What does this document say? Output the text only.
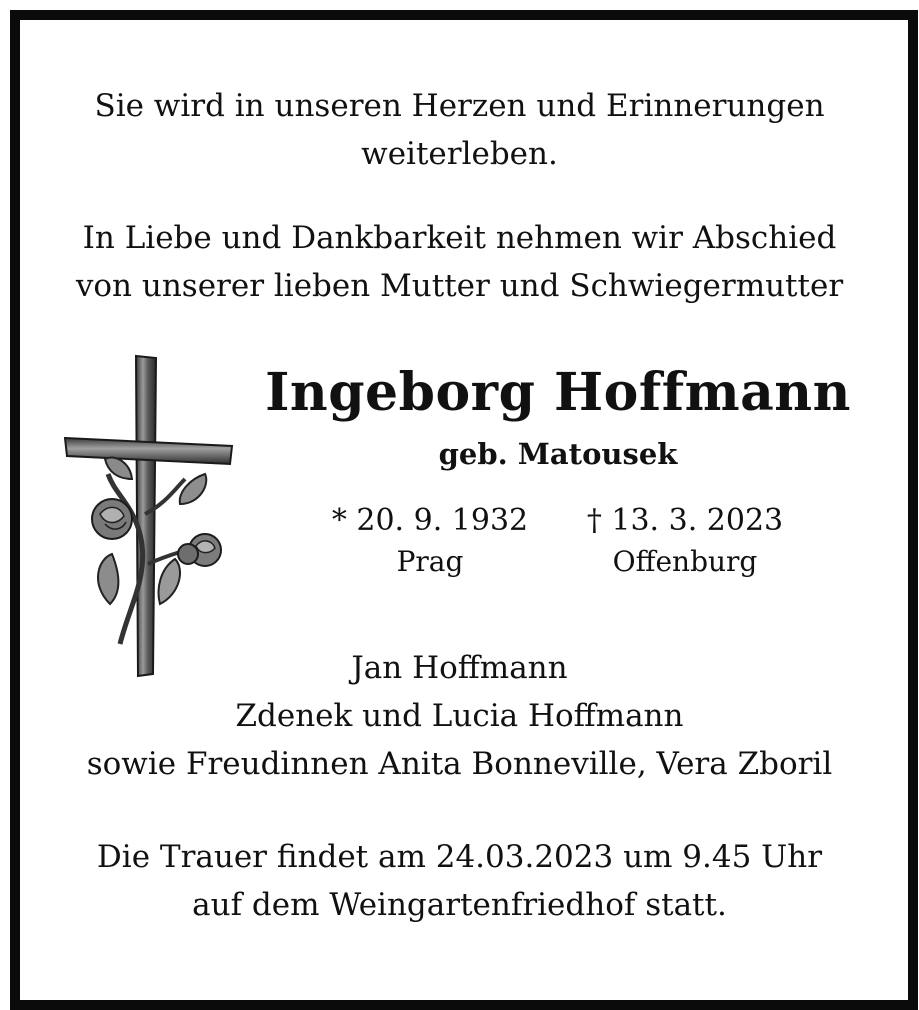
Sie wird in unseren Herzen und Erinnerungen
weiterleben.
In Liebe und Dankbarkeit nehmen wir Abschied
von unserer lieben Mutter und Schwiegermutter
Ingeborg Hoffmann
geb. Matousek
* 20. 9. 1932	† 13. 3. 2023
Prag	Offenburg
Jan Hoffmann
Zdenek und Lucia Hoffmann
sowie Freudinnen Anita Bonneville, Vera Zboril
Die Trauer findet am 24.03.2023 um 9.45 Uhr
auf dem Weingartenfriedhof statt.
